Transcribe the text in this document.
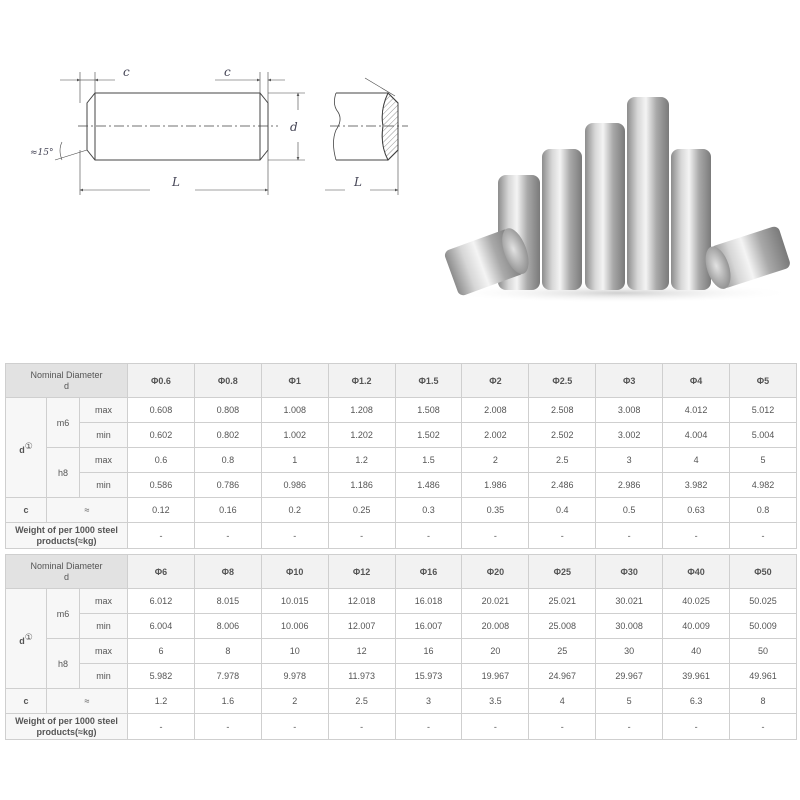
c	c
d
L	L
≈15°
Nominal Diameter
d			Φ0.6	Φ0.8	Φ1	Φ1.2	Φ1.5	Φ2	Φ2.5	Φ3	Φ4	Φ5
d①	m6	max	0.608	0.808	1.008	1.208	1.508	2.008	2.508	3.008	4.012	5.012
		min	0.602	0.802	1.002	1.202	1.502	2.002	2.502	3.002	4.004	5.004
	h8	max	0.6	0.8	1	1.2	1.5	2	2.5	3	4	5
		min	0.586	0.786	0.986	1.186	1.486	1.986	2.486	2.986	3.982	4.982
c	≈		0.12	0.16	0.2	0.25	0.3	0.35	0.4	0.5	0.63	0.8
Weight of per 1000 steel
products(≈kg)			-	-	-	-	-	-	-	-	-	-
Nominal Diameter
d			Φ6	Φ8	Φ10	Φ12	Φ16	Φ20	Φ25	Φ30	Φ40	Φ50
d①	m6	max	6.012	8.015	10.015	12.018	16.018	20.021	25.021	30.021	40.025	50.025
		min	6.004	8.006	10.006	12.007	16.007	20.008	25.008	30.008	40.009	50.009
	h8	max	6	8	10	12	16	20	25	30	40	50
		min	5.982	7.978	9.978	11.973	15.973	19.967	24.967	29.967	39.961	49.961
c	≈		1.2	1.6	2	2.5	3	3.5	4	5	6.3	8
Weight of per 1000 steel
products(≈kg)			-	-	-	-	-	-	-	-	-	-
